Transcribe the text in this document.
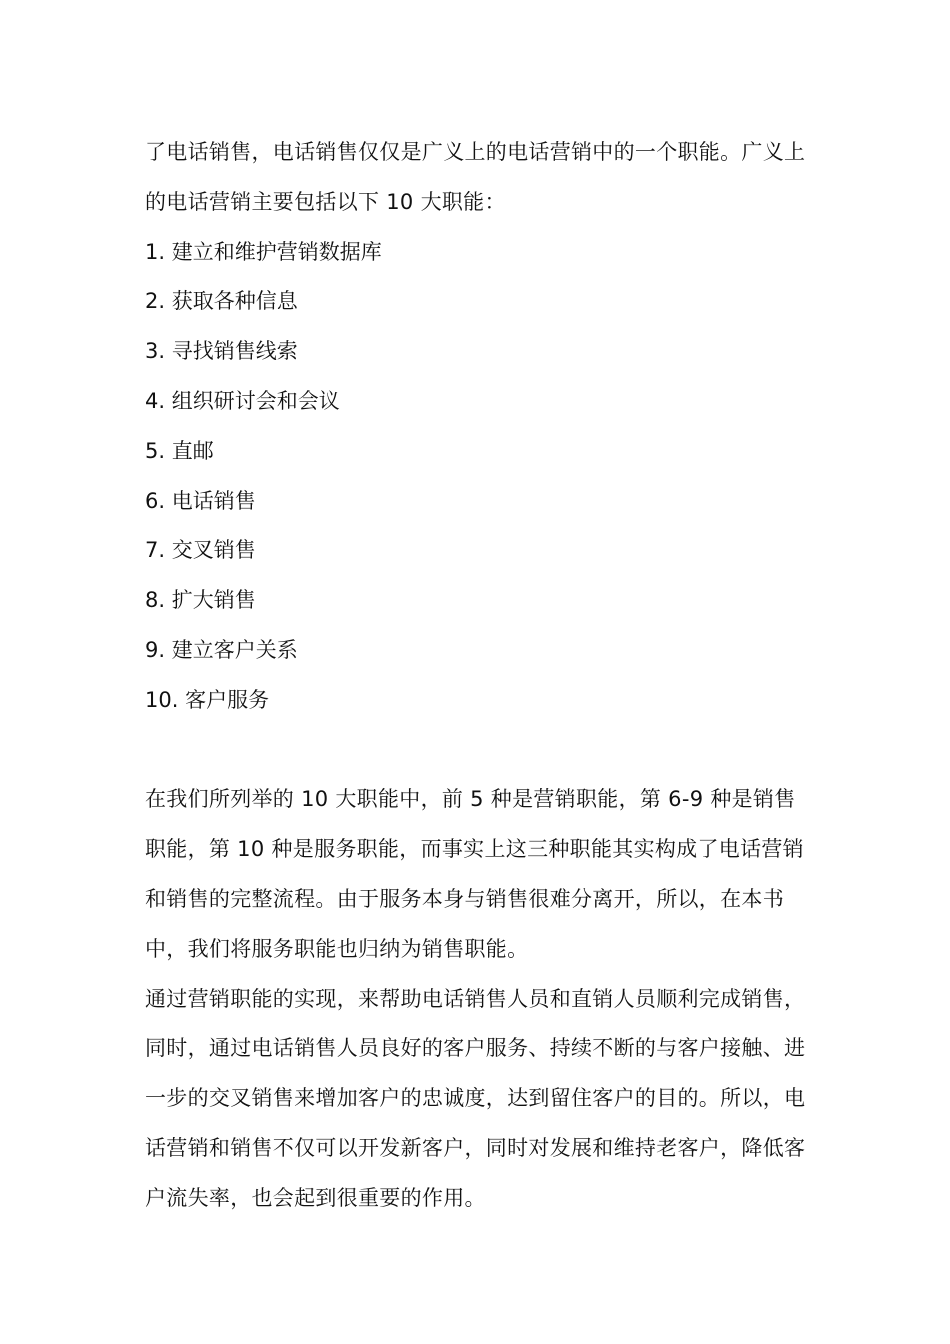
了电话销售，电话销售仅仅是广义上的电话营销中的一个职能。广义上的电话营销主要包括以下 10 大职能：

1. 建立和维护营销数据库
2. 获取各种信息
3. 寻找销售线索
4. 组织研讨会和会议
5. 直邮
6. 电话销售
7. 交叉销售
8. 扩大销售
9. 建立客户关系
10. 客户服务

在我们所列举的 10 大职能中，前 5 种是营销职能，第 6-9 种是销售职能，第 10 种是服务职能，而事实上这三种职能其实构成了电话营销和销售的完整流程。由于服务本身与销售很难分离开，所以，在本书中，我们将服务职能也归纳为销售职能。

通过营销职能的实现，来帮助电话销售人员和直销人员顺利完成销售，同时，通过电话销售人员良好的客户服务、持续不断的与客户接触、进一步的交叉销售来增加客户的忠诚度，达到留住客户的目的。所以，电话营销和销售不仅可以开发新客户，同时对发展和维持老客户，降低客户流失率，也会起到很重要的作用。
